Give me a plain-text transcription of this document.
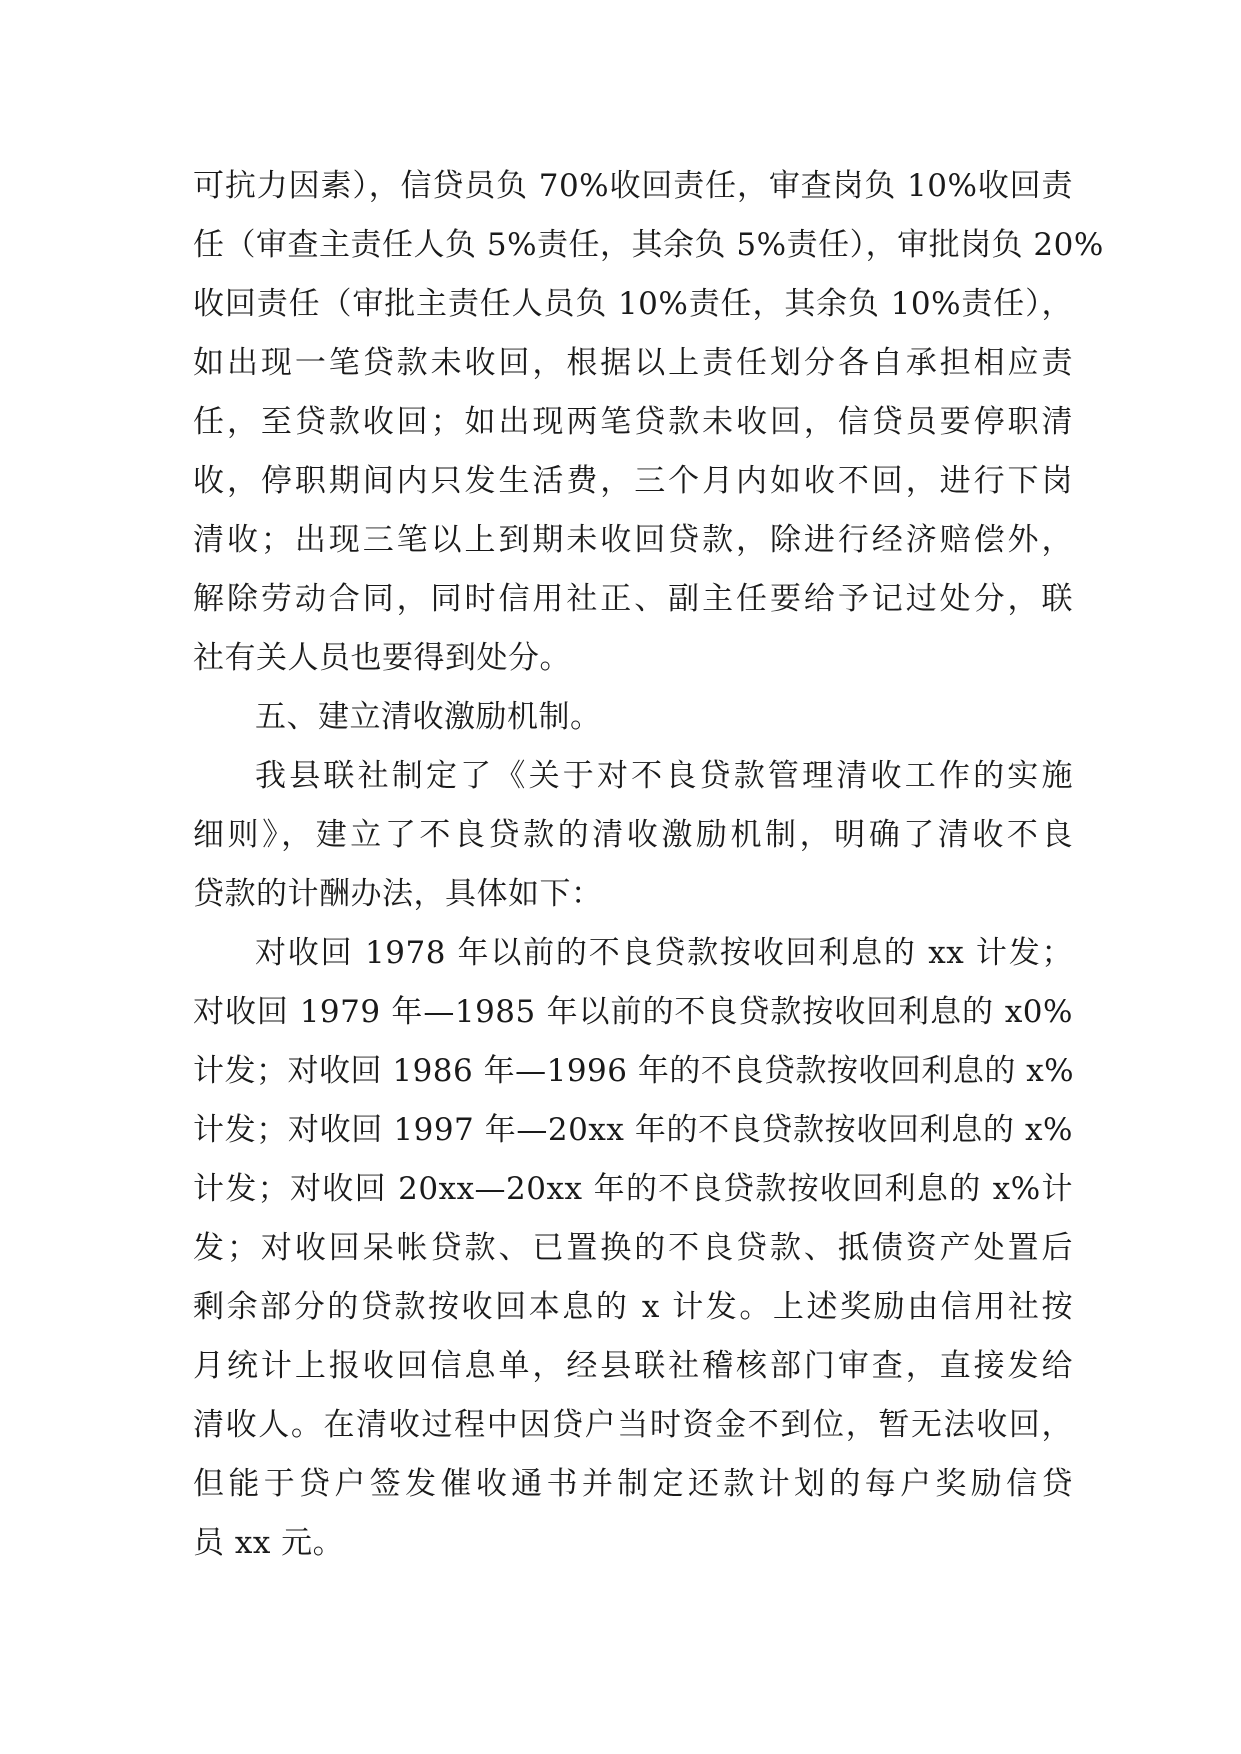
可抗力因素），信贷员负 70%收回责任，审查岗负 10%收回责
任（审查主责任人负 5%责任，其余负 5%责任），审批岗负 20%
收回责任（审批主责任人员负 10%责任，其余负 10%责任），
如出现一笔贷款未收回，根据以上责任划分各自承担相应责
任，至贷款收回；如出现两笔贷款未收回，信贷员要停职清
收，停职期间内只发生活费，三个月内如收不回，进行下岗
清收；出现三笔以上到期未收回贷款，除进行经济赔偿外，
解除劳动合同，同时信用社正、副主任要给予记过处分，联
社有关人员也要得到处分。
五、建立清收激励机制。
我县联社制定了《关于对不良贷款管理清收工作的实施
细则》，建立了不良贷款的清收激励机制，明确了清收不良
贷款的计酬办法，具体如下：
对收回 1978 年以前的不良贷款按收回利息的 xx 计发；
对收回 1979 年—1985 年以前的不良贷款按收回利息的 x0%
计发；对收回 1986 年—1996 年的不良贷款按收回利息的 x%
计发；对收回 1997 年—20xx 年的不良贷款按收回利息的 x%
计发；对收回 20xx—20xx 年的不良贷款按收回利息的 x%计
发；对收回呆帐贷款、已置换的不良贷款、抵债资产处置后
剩余部分的贷款按收回本息的 x 计发。上述奖励由信用社按
月统计上报收回信息单，经县联社稽核部门审查，直接发给
清收人。在清收过程中因贷户当时资金不到位，暂无法收回，
但能于贷户签发催收通书并制定还款计划的每户奖励信贷
员 xx 元。
